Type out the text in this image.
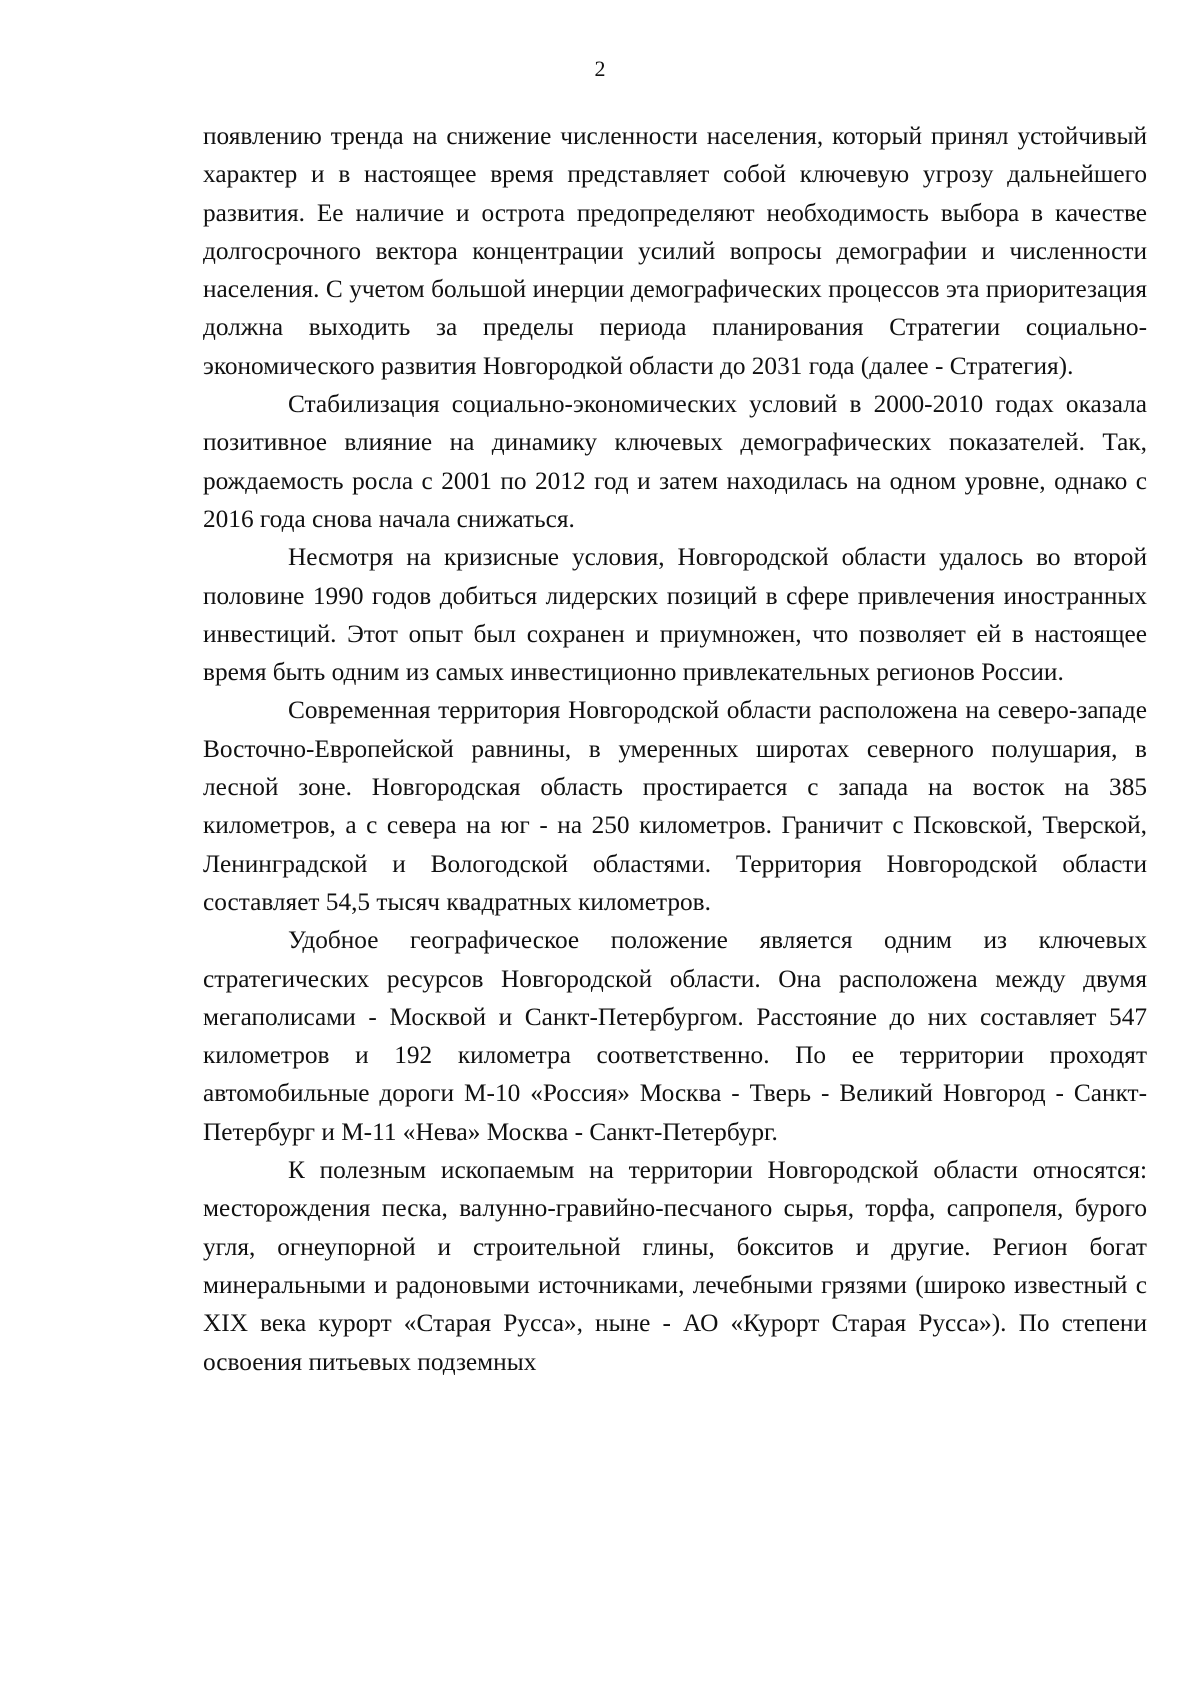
2

появлению тренда на снижение численности населения, который принял устойчивый характер и в настоящее время представляет собой ключевую угрозу дальнейшего развития. Ее наличие и острота предопределяют необходимость выбора в качестве долгосрочного вектора концентрации усилий вопросы демографии и численности населения. С учетом большой инерции демографических процессов эта приоритезация должна выходить за пределы периода планирования Стратегии социально-экономического развития Новгородкой области до 2031 года (далее - Стратегия).

Стабилизация социально-экономических условий в 2000-2010 годах оказала позитивное влияние на динамику ключевых демографических показателей. Так, рождаемость росла с 2001 по 2012 год и затем находилась на одном уровне, однако с 2016 года снова начала снижаться.

Несмотря на кризисные условия, Новгородской области удалось во второй половине 1990 годов добиться лидерских позиций в сфере привлечения иностранных инвестиций. Этот опыт был сохранен и приумножен, что позволяет ей в настоящее время быть одним из самых инвестиционно привлекательных регионов России.

Современная территория Новгородской области расположена на северо-западе Восточно-Европейской равнины, в умеренных широтах северного полушария, в лесной зоне. Новгородская область простирается с запада на восток на 385 километров, а с севера на юг - на 250 километров. Граничит с Псковской, Тверской, Ленинградской и Вологодской областями. Территория Новгородской области составляет 54,5 тысяч квадратных километров.

Удобное географическое положение является одним из ключевых стратегических ресурсов Новгородской области. Она расположена между двумя мегаполисами - Москвой и Санкт-Петербургом. Расстояние до них составляет 547 километров и 192 километра соответственно. По ее территории проходят автомобильные дороги М-10 «Россия» Москва - Тверь - Великий Новгород - Санкт-Петербург и М-11 «Нева» Москва - Санкт-Петербург.

К полезным ископаемым на территории Новгородской области относятся: месторождения песка, валунно-гравийно-песчаного сырья, торфа, сапропеля, бурого угля, огнеупорной и строительной глины, бокситов и другие. Регион богат минеральными и радоновыми источниками, лечебными грязями (широко известный с XIX века курорт «Старая Русса», ныне - АО «Курорт Старая Русса»). По степени освоения питьевых подземных
